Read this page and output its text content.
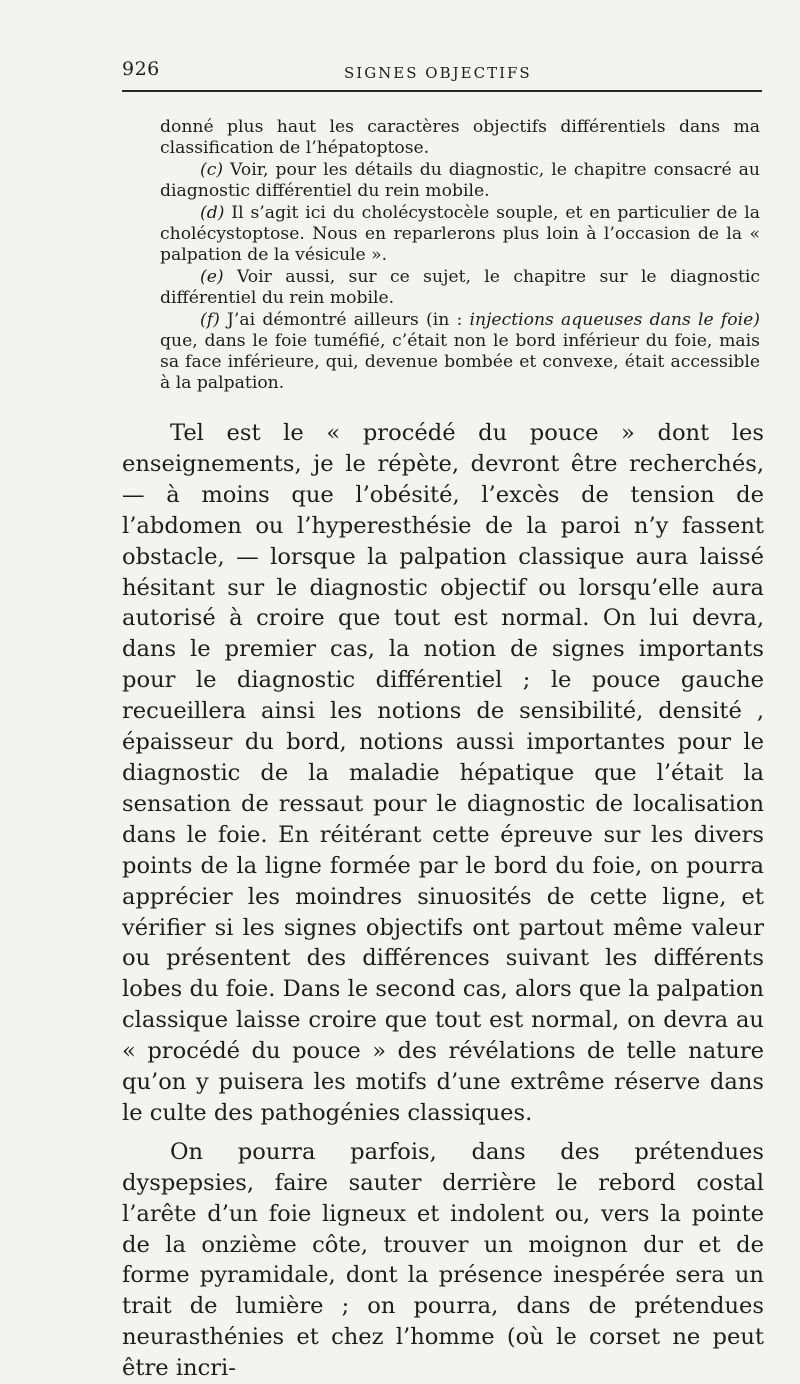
926	SIGNES OBJECTIFS

donné plus haut les caractères objectifs différentiels dans ma classification de l’hépatoptose.

(c) Voir, pour les détails du diagnostic, le chapitre consacré au diagnostic différentiel du rein mobile.

(d) Il s’agit ici du cholécystocèle souple, et en particulier de la cholécystoptose. Nous en reparlerons plus loin à l’occasion de la « palpation de la vésicule ».

(e) Voir aussi, sur ce sujet, le chapitre sur le diagnostic différentiel du rein mobile.

(f) J’ai démontré ailleurs (in : injections aqueuses dans le foie) que, dans le foie tuméfié, c’était non le bord inférieur du foie, mais sa face inférieure, qui, devenue bombée et convexe, était accessible à la palpation.

Tel est le « procédé du pouce » dont les enseignements, je le répète, devront être recherchés, — à moins que l’obésité, l’excès de tension de l’abdomen ou l’hyperesthésie de la paroi n’y fassent obstacle, — lorsque la palpation classique aura laissé hésitant sur le diagnostic objectif ou lorsqu’elle aura autorisé à croire que tout est normal. On lui devra, dans le premier cas, la notion de signes importants pour le diagnostic différentiel ; le pouce gauche recueillera ainsi les notions de sensibilité, densité , épaisseur du bord, notions aussi importantes pour le diagnostic de la maladie hépatique que l’était la sensation de ressaut pour le diagnostic de localisation dans le foie. En réitérant cette épreuve sur les divers points de la ligne formée par le bord du foie, on pourra apprécier les moindres sinuosités de cette ligne, et vérifier si les signes objectifs ont partout même valeur ou présentent des différences suivant les différents lobes du foie. Dans le second cas, alors que la palpation classique laisse croire que tout est normal, on devra au « procédé du pouce » des révélations de telle nature qu’on y puisera les motifs d’une extrême réserve dans le culte des pathogénies classiques.

On pourra parfois, dans des prétendues dyspepsies, faire sauter derrière le rebord costal l’arête d’un foie ligneux et indolent ou, vers la pointe de la onzième côte, trouver un moignon dur et de forme pyramidale, dont la présence inespérée sera un trait de lumière ; on pourra, dans de prétendues neurasthénies et chez l’homme (où le corset ne peut être incri-
